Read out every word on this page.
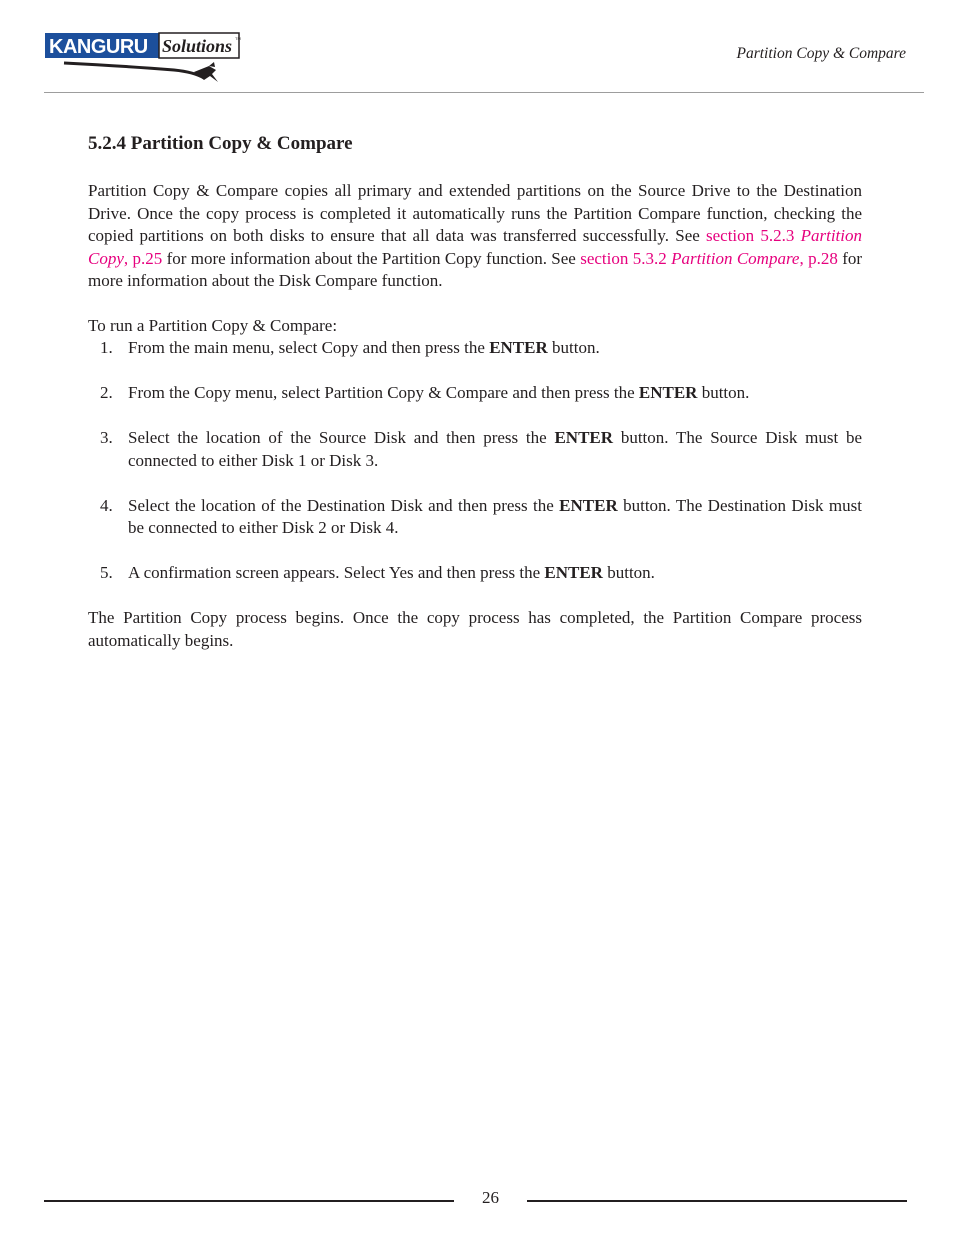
KANGURU Solutions TM
Partition Copy & Compare
5.2.4 Partition Copy & Compare

Partition Copy & Compare copies all primary and extended partitions on the Source Drive to the Destination Drive. Once the copy process is completed it automatically runs the Partition Compare function, checking the copied partitions on both disks to ensure that all data was transferred successfully. See section 5.2.3 Partition Copy, p.25 for more information about the Partition Copy function. See section 5.3.2 Partition Compare, p.28 for more information about the Disk Compare function.

To run a Partition Copy & Compare:

1. From the main menu, select Copy and then press the ENTER button.
2. From the Copy menu, select Partition Copy & Compare and then press the ENTER button.
3. Select the location of the Source Disk and then press the ENTER button. The Source Disk must be connected to either Disk 1 or Disk 3.
4. Select the location of the Destination Disk and then press the ENTER button. The Destination Disk must be connected to either Disk 2 or Disk 4.
5. A confirmation screen appears. Select Yes and then press the ENTER button.

The Partition Copy process begins. Once the copy process has completed, the Partition Compare process automatically begins.

26
